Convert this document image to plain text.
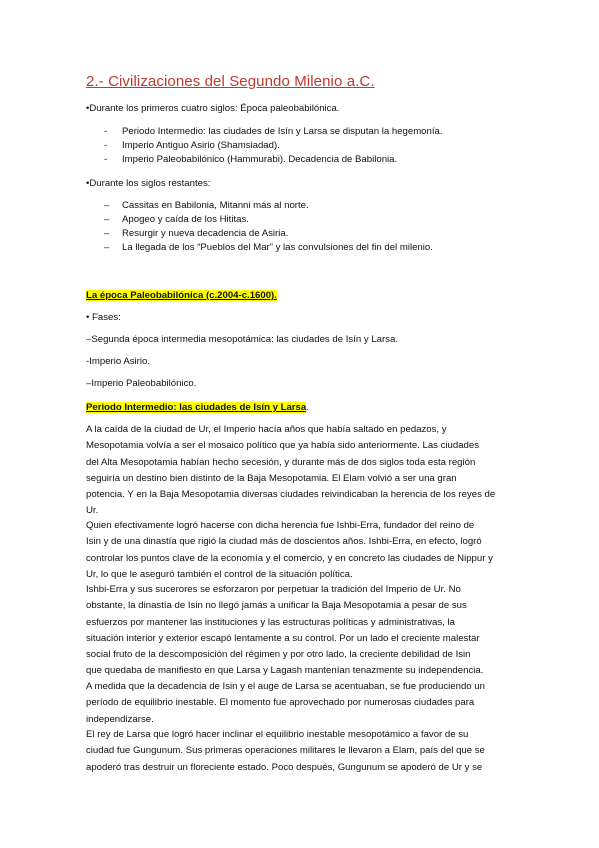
2.- Civilizaciones del Segundo Milenio a.C.
•Durante los primeros cuatro siglos: Época paleobabilónica.
- Periodo Intermedio: las ciudades de Isín y Larsa se disputan la hegemonía.
- Imperio Antiguo Asirio (Shamsiadad).
- Imperio Paleobabilónico (Hammurabi). Decadencia de Babilonia.
•Durante los siglos restantes:
– Cassitas en Babilonia, Mitanni más al norte.
– Apogeo y caída de los Hititas.
– Resurgir y nueva decadencia de Asiria.
– La llegada de los “Pueblos del Mar” y las convulsiones del fin del milenio.
La época Paleobabilónica (c.2004-c.1600).
• Fases:
–Segunda época intermedia mesopotámica: las ciudades de Isín y Larsa.
-Imperio Asirio.
–Imperio Paleobabilónico.
Periodo Intermedio: las ciudades de Isín y Larsa.
A la caída de la ciudad de Ur, el Imperio hacía años que había saltado en pedazos, y
Mesopotamia volvía a ser el mosaico político que ya había sido anteriormente. Las ciudades
del Alta Mesopotamia habían hecho secesión, y durante más de dos siglos toda esta región
seguiría un destino bien distinto de la Baja Mesopotamia. El Elam volvió a ser una gran
potencia. Y en la Baja Mesopotamia diversas ciudades reivindicaban la herencia de los reyes de
Ur.
Quien efectivamente logró hacerse con dicha herencia fue Ishbi-Erra, fundador del reino de
Isin y de una dinastía que rigió la ciudad más de doscientos años. Ishbi-Erra, en efecto, logró
controlar los puntos clave de la economía y el comercio, y en concreto las ciudades de Nippur y
Ur, lo que le aseguró también el control de la situación política.
Ishbi-Erra y sus sucerores se esforzaron por perpetuar la tradición del Imperio de Ur. No
obstante, la dinastía de Isin no llegó jamás a unificar la Baja Mesopotamia a pesar de sus
esfuerzos por mantener las instituciones y las estructuras políticas y administrativas, la
situación interior y exterior escapó lentamente a su control. Por un lado el creciente malestar
social fruto de la descomposición del régimen y por otro lado, la creciente debilidad de Isin
que quedaba de manifiesto en que Larsa y Lagash mantenían tenazmente su independencia.
A medida que la decadencia de Isin y el auge de Larsa se acentuaban, se fue produciendo un
período de equilibrio inestable. El momento fue aprovechado por numerosas ciudades para
independizarse.
El rey de Larsa que logró hacer inclinar el equilibrio inestable mesopotámico a favor de su
ciudad fue Gungunum. Sus primeras operaciones militares le llevaron a Elam, país del que se
apoderó tras destruir un floreciente estado. Poco después, Gungunum se apoderó de Ur y se
